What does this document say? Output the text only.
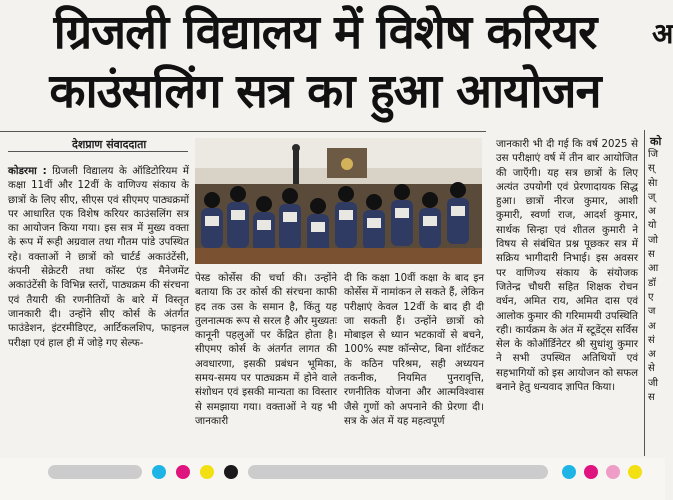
ग्रिजली विद्यालय में विशेष करियर
काउंसलिंग सत्र का हुआ आयोजन
अ
देशप्राण संवाददाता

कोडरमा : ग्रिजली विद्यालय के ऑडिटोरियम में कक्षा 11वीं और 12वीं के वाणिज्य संकाय के छात्रों के लिए सीए, सीएस एवं सीएमए पाठ्यक्रमों पर आधारित एक विशेष करियर काउंसलिंग सत्र का आयोजन किया गया। इस सत्र में मुख्य वक्ता के रूप में रूही अग्रवाल तथा गौतम पांडे उपस्थित रहे। वक्ताओं ने छात्रों को चार्टर्ड अकाउंटेंसी, कंपनी सेक्रेटरी तथा कॉस्ट एंड मैनेजमेंट अकाउंटेंसी के विभिन्न स्तरों, पाठ्यक्रम की संरचना एवं तैयारी की रणनीतियों के बारे में विस्तृत जानकारी दी। उन्होंने सीए कोर्स के अंतर्गत फाउंडेशन, इंटरमीडिएट, आर्टिकलशिप, फाइनल परीक्षा एवं हाल ही में जोड़े गए सेल्फ-

पेस्ड कोर्सेस की चर्चा की। उन्होंने बताया कि उर कोर्स की संरचना काफी हद तक उस के समान है, किंतु यह तुलनात्मक रूप से सरल है और मुख्यतः कानूनी पहलुओं पर केंद्रित होता है। सीएमए कोर्स के अंतर्गत लागत की अवधारणा, इसकी प्रबंधन भूमिका, समय-समय पर पाठ्यक्रम में होने वाले संशोधन एवं इसकी मान्यता का विस्तार से समझाया गया। वक्ताओं ने यह भी जानकारी

दी कि कक्षा 10वीं कक्षा के बाद इन कोर्सेस में नामांकन ले सकते हैं, लेकिन परीक्षाएं केवल 12वीं के बाद ही दी जा सकती हैं। उन्होंने छात्रों को मोबाइल से ध्यान भटकावों से बचने, 100% स्पष्ट कॉन्सेप्ट, बिना शॉर्टकट के कठिन परिश्रम, सही अध्ययन तकनीक, नियमित पुनरावृत्ति, रणनीतिक योजना और आत्मविश्वास जैसे गुणों को अपनाने की प्रेरणा दी। सत्र के अंत में यह महत्वपूर्ण

जानकारी भी दी गई कि वर्ष 2025 से उस परीक्षाएं वर्ष में तीन बार आयोजित की जाएँगी। यह सत्र छात्रों के लिए अत्यंत उपयोगी एवं प्रेरणादायक सिद्ध हुआ। छात्रों नीरज कुमार, आशी कुमारी, स्वर्णा राज, आदर्श कुमार, सार्थक सिन्हा एवं शीतल कुमारी ने विषय से संबंधित प्रश्न पूछकर सत्र में सक्रिय भागीदारी निभाई। इस अवसर पर वाणिज्य संकाय के संयोजक जितेन्द्र चौधरी सहित शिक्षक रोचन वर्धन, अमित राय, अमित दास एवं आलोक कुमार की गरिमामयी उपस्थिति रही। कार्यक्रम के अंत में स्टूडेंट्स सर्विस सेल के कोऑर्डिनेटर श्री सुधांशु कुमार ने सभी उपस्थित अतिथियों एवं सहभागियों को इस आयोजन को सफल बनाने हेतु धन्यवाद ज्ञापित किया।

को
जि
स्
सेा
ज्
अ
यो
जो
स
आ
डॉ
ए
ज
अ
सं
अ
से
जी
स
